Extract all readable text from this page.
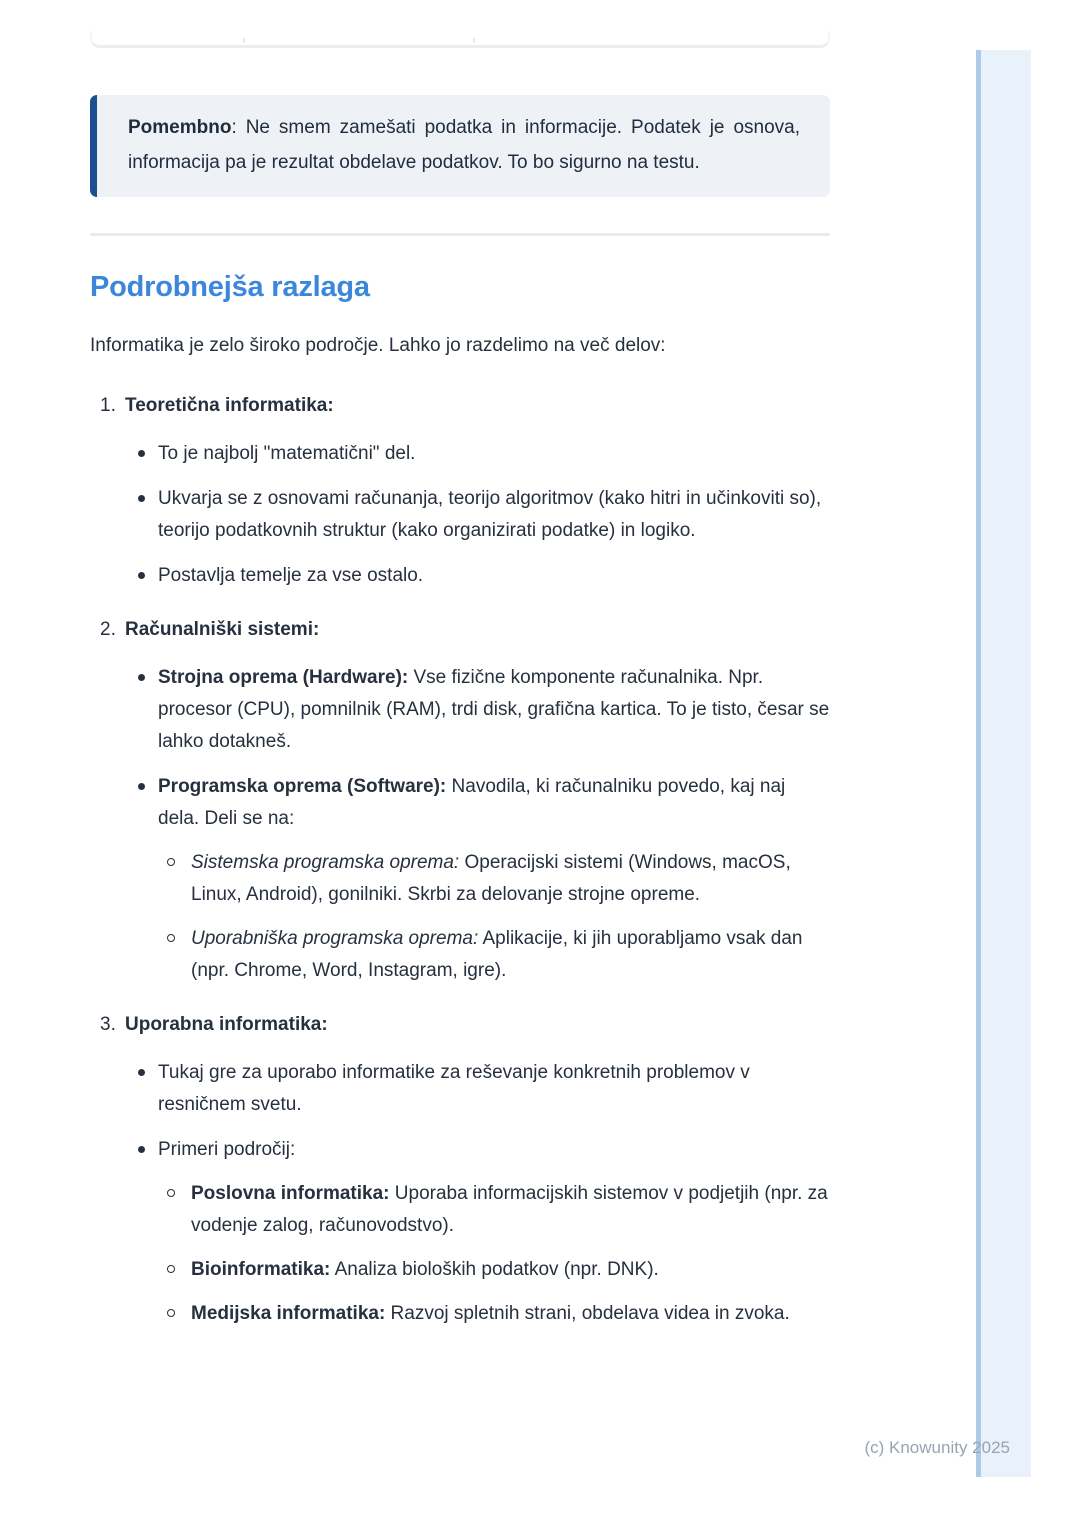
Pomembno: Ne smem zamešati podatka in informacije. Podatek je osnova, informacija pa je rezultat obdelave podatkov. To bo sigurno na testu.
Podrobnejša razlaga

Informatika je zelo široko področje. Lahko jo razdelimo na več delov:

1. Teoretična informatika:
To je najbolj "matematični" del.
Ukvarja se z osnovami računanja, teorijo algoritmov (kako hitri in učinkoviti so), teorijo podatkovnih struktur (kako organizirati podatke) in logiko.
Postavlja temelje za vse ostalo.
2. Računalniški sistemi:
Strojna oprema (Hardware): Vse fizične komponente računalnika. Npr. procesor (CPU), pomnilnik (RAM), trdi disk, grafična kartica. To je tisto, česar se lahko dotakneš.
Programska oprema (Software): Navodila, ki računalniku povedo, kaj naj dela. Deli se na:
Sistemska programska oprema: Operacijski sistemi (Windows, macOS, Linux, Android), gonilniki. Skrbi za delovanje strojne opreme.
Uporabniška programska oprema: Aplikacije, ki jih uporabljamo vsak dan (npr. Chrome, Word, Instagram, igre).
3. Uporabna informatika:
Tukaj gre za uporabo informatike za reševanje konkretnih problemov v resničnem svetu.
Primeri področij:
Poslovna informatika: Uporaba informacijskih sistemov v podjetjih (npr. za vodenje zalog, računovodstvo).
Bioinformatika: Analiza bioloških podatkov (npr. DNK).
Medijska informatika: Razvoj spletnih strani, obdelava videa in zvoka.
(c) Knowunity 2025
